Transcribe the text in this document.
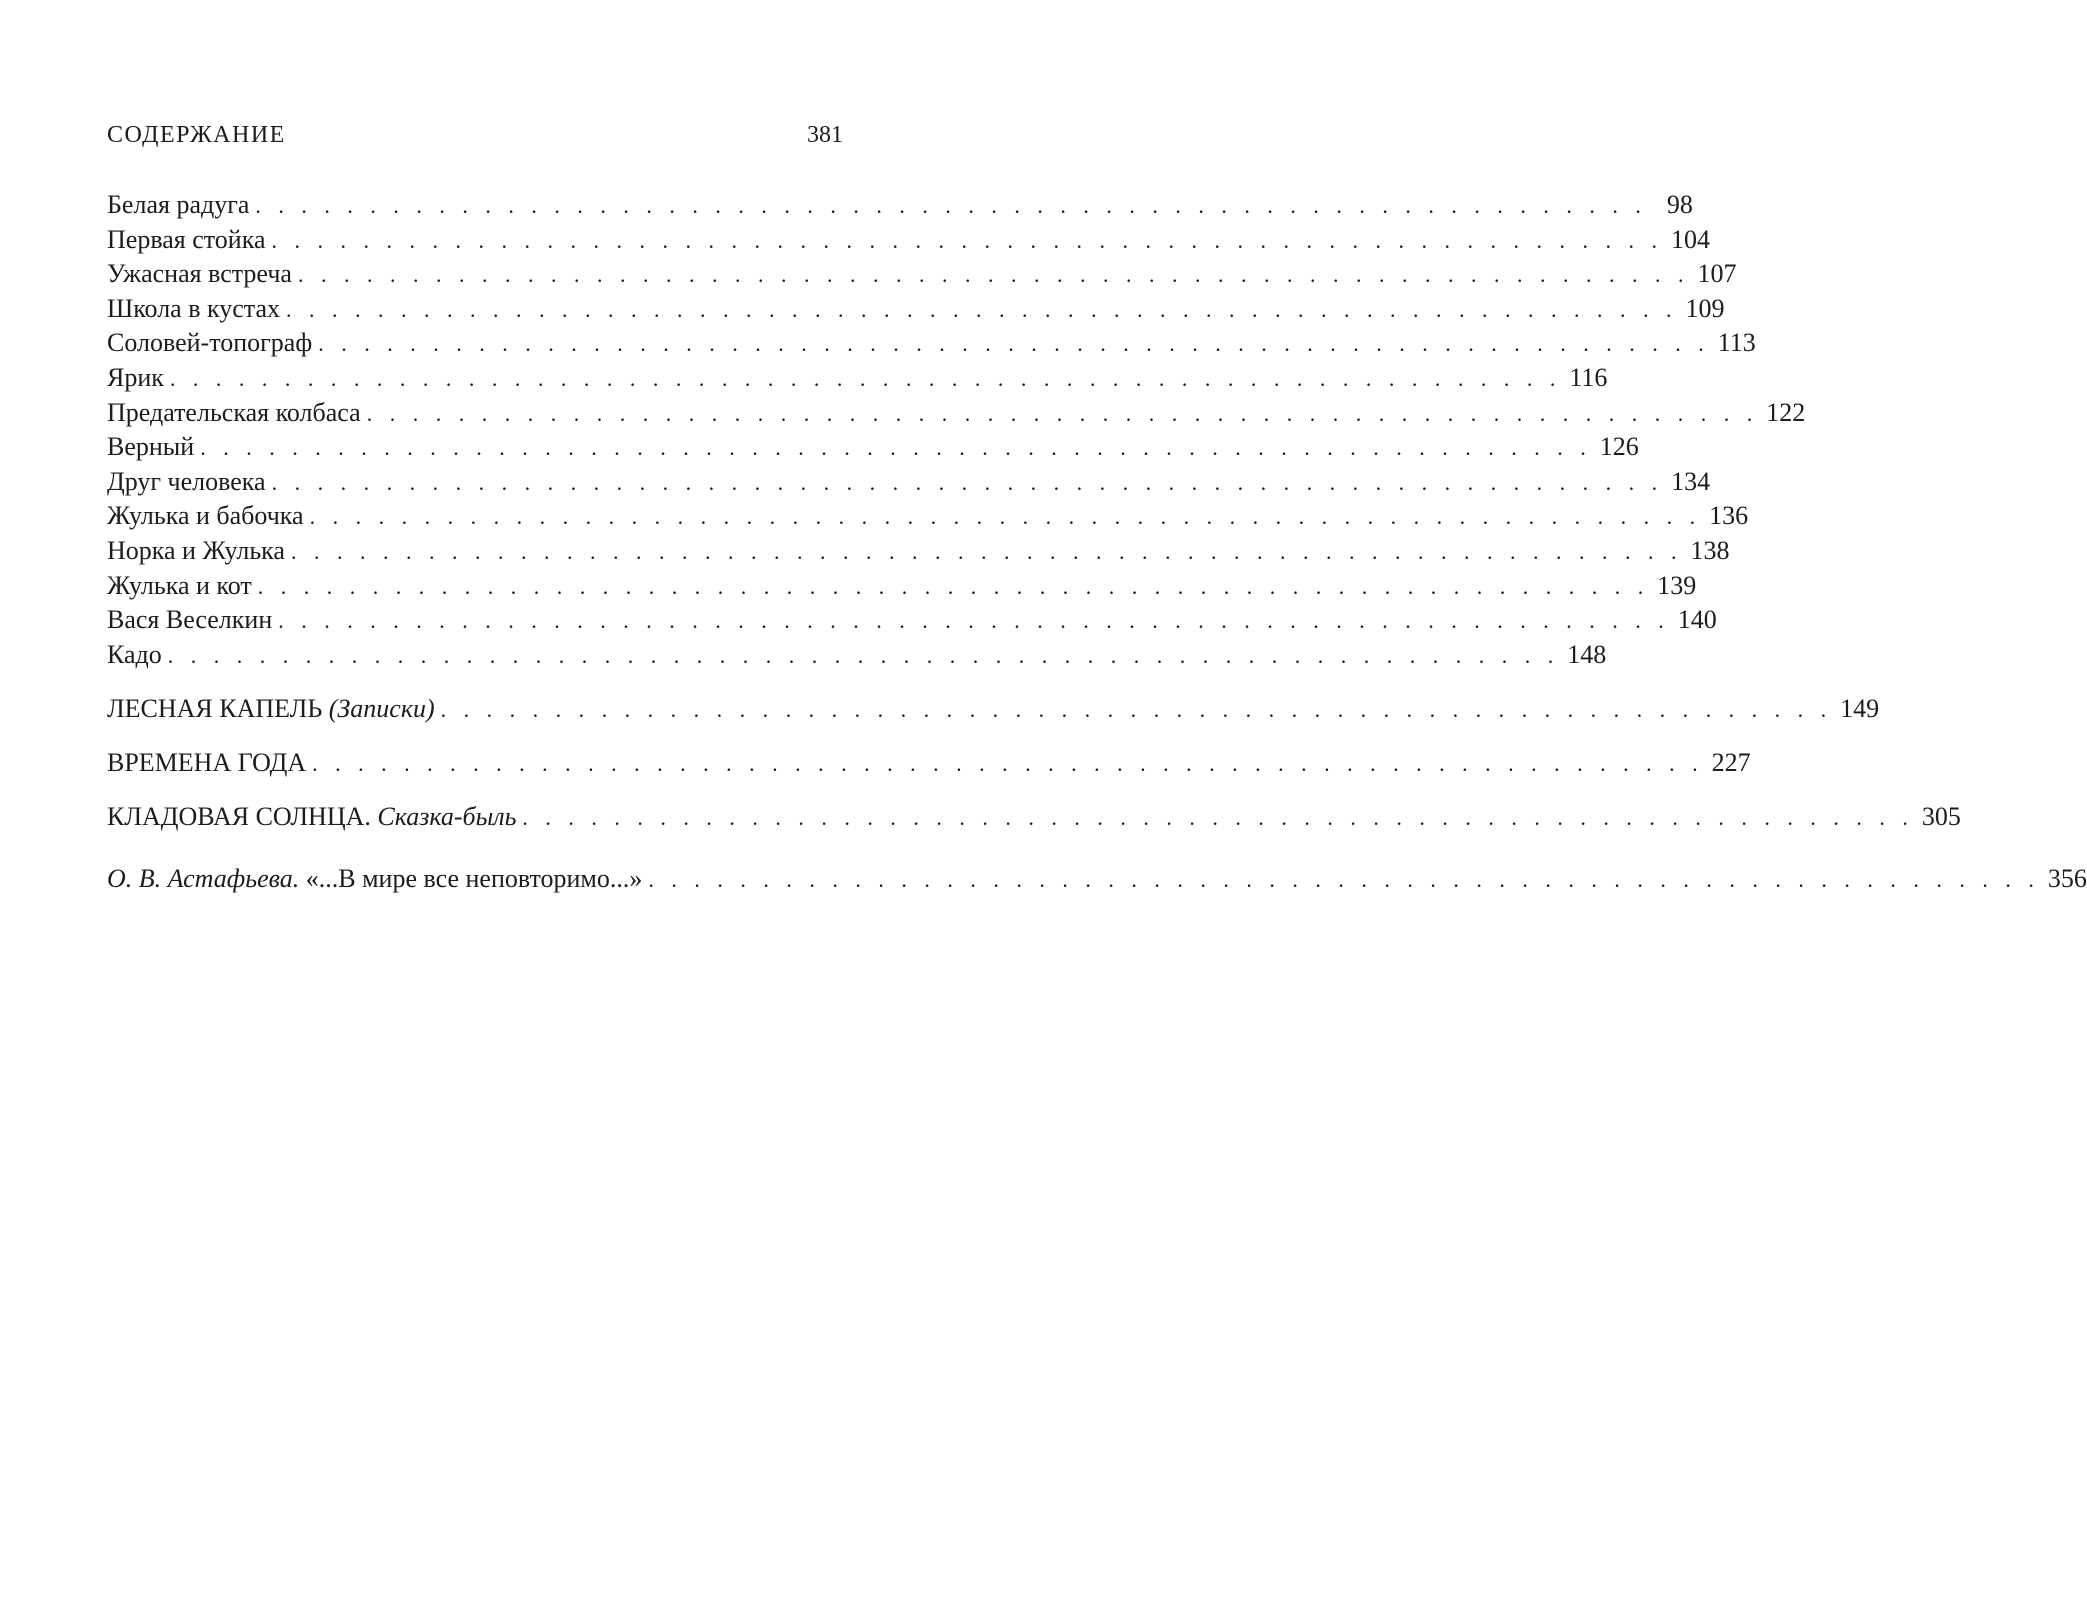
СОДЕРЖАНИЕ	381
Белая радуга . . . . . . . . . . . . . . . . . . . . . . . . . . . . . . . . . . . . . . . . . . . . . . . . . . . . . . . . . . . . . 98
Первая стойка . . . . . . . . . . . . . . . . . . . . . . . . . . . . . . . . . . . . . . . . . . . . . . . . . . . . . . . . . . . . . 104
Ужасная встреча . . . . . . . . . . . . . . . . . . . . . . . . . . . . . . . . . . . . . . . . . . . . . . . . . . . . . . . . . . . . . 107
Школа в кустах . . . . . . . . . . . . . . . . . . . . . . . . . . . . . . . . . . . . . . . . . . . . . . . . . . . . . . . . . . . . . 109
Соловей-топограф . . . . . . . . . . . . . . . . . . . . . . . . . . . . . . . . . . . . . . . . . . . . . . . . . . . . . . . . . . . . . 113
Ярик . . . . . . . . . . . . . . . . . . . . . . . . . . . . . . . . . . . . . . . . . . . . . . . . . . . . . . . . . . . . . 116
Предательская колбаса . . . . . . . . . . . . . . . . . . . . . . . . . . . . . . . . . . . . . . . . . . . . . . . . . . . . . . . . . . . . . 122
Верный . . . . . . . . . . . . . . . . . . . . . . . . . . . . . . . . . . . . . . . . . . . . . . . . . . . . . . . . . . . . . 126
Друг человека . . . . . . . . . . . . . . . . . . . . . . . . . . . . . . . . . . . . . . . . . . . . . . . . . . . . . . . . . . . . . 134
Жулька и бабочка . . . . . . . . . . . . . . . . . . . . . . . . . . . . . . . . . . . . . . . . . . . . . . . . . . . . . . . . . . . . . 136
Норка и Жулька . . . . . . . . . . . . . . . . . . . . . . . . . . . . . . . . . . . . . . . . . . . . . . . . . . . . . . . . . . . . . 138
Жулька и кот . . . . . . . . . . . . . . . . . . . . . . . . . . . . . . . . . . . . . . . . . . . . . . . . . . . . . . . . . . . . . 139
Вася Веселкин . . . . . . . . . . . . . . . . . . . . . . . . . . . . . . . . . . . . . . . . . . . . . . . . . . . . . . . . . . . . . 140
Кадо . . . . . . . . . . . . . . . . . . . . . . . . . . . . . . . . . . . . . . . . . . . . . . . . . . . . . . . . . . . . . 148
ЛЕСНАЯ КАПЕЛЬ (Записки) . . . . . . . . . . . . . . . . . . . . . . . . . . . . . . . . . . . . . . . . . . . . . . . . . . . . . . . . . . . . . 149
ВРЕМЕНА ГОДА . . . . . . . . . . . . . . . . . . . . . . . . . . . . . . . . . . . . . . . . . . . . . . . . . . . . . . . . . . . . . 227
КЛАДОВАЯ СОЛНЦА. Сказка-быль . . . . . . . . . . . . . . . . . . . . . . . . . . . . . . . . . . . . . . . . . . . . . . . . . . . . . . . . . . . . . 305
О. В. Астафьева. «...В мире все неповторимо...» . . . . . . . . . . . . . . . . . . . . . . . . . . . . . . . . . . . . . . . . . . . . . . . . . . . . . . . . . . . . . 356
